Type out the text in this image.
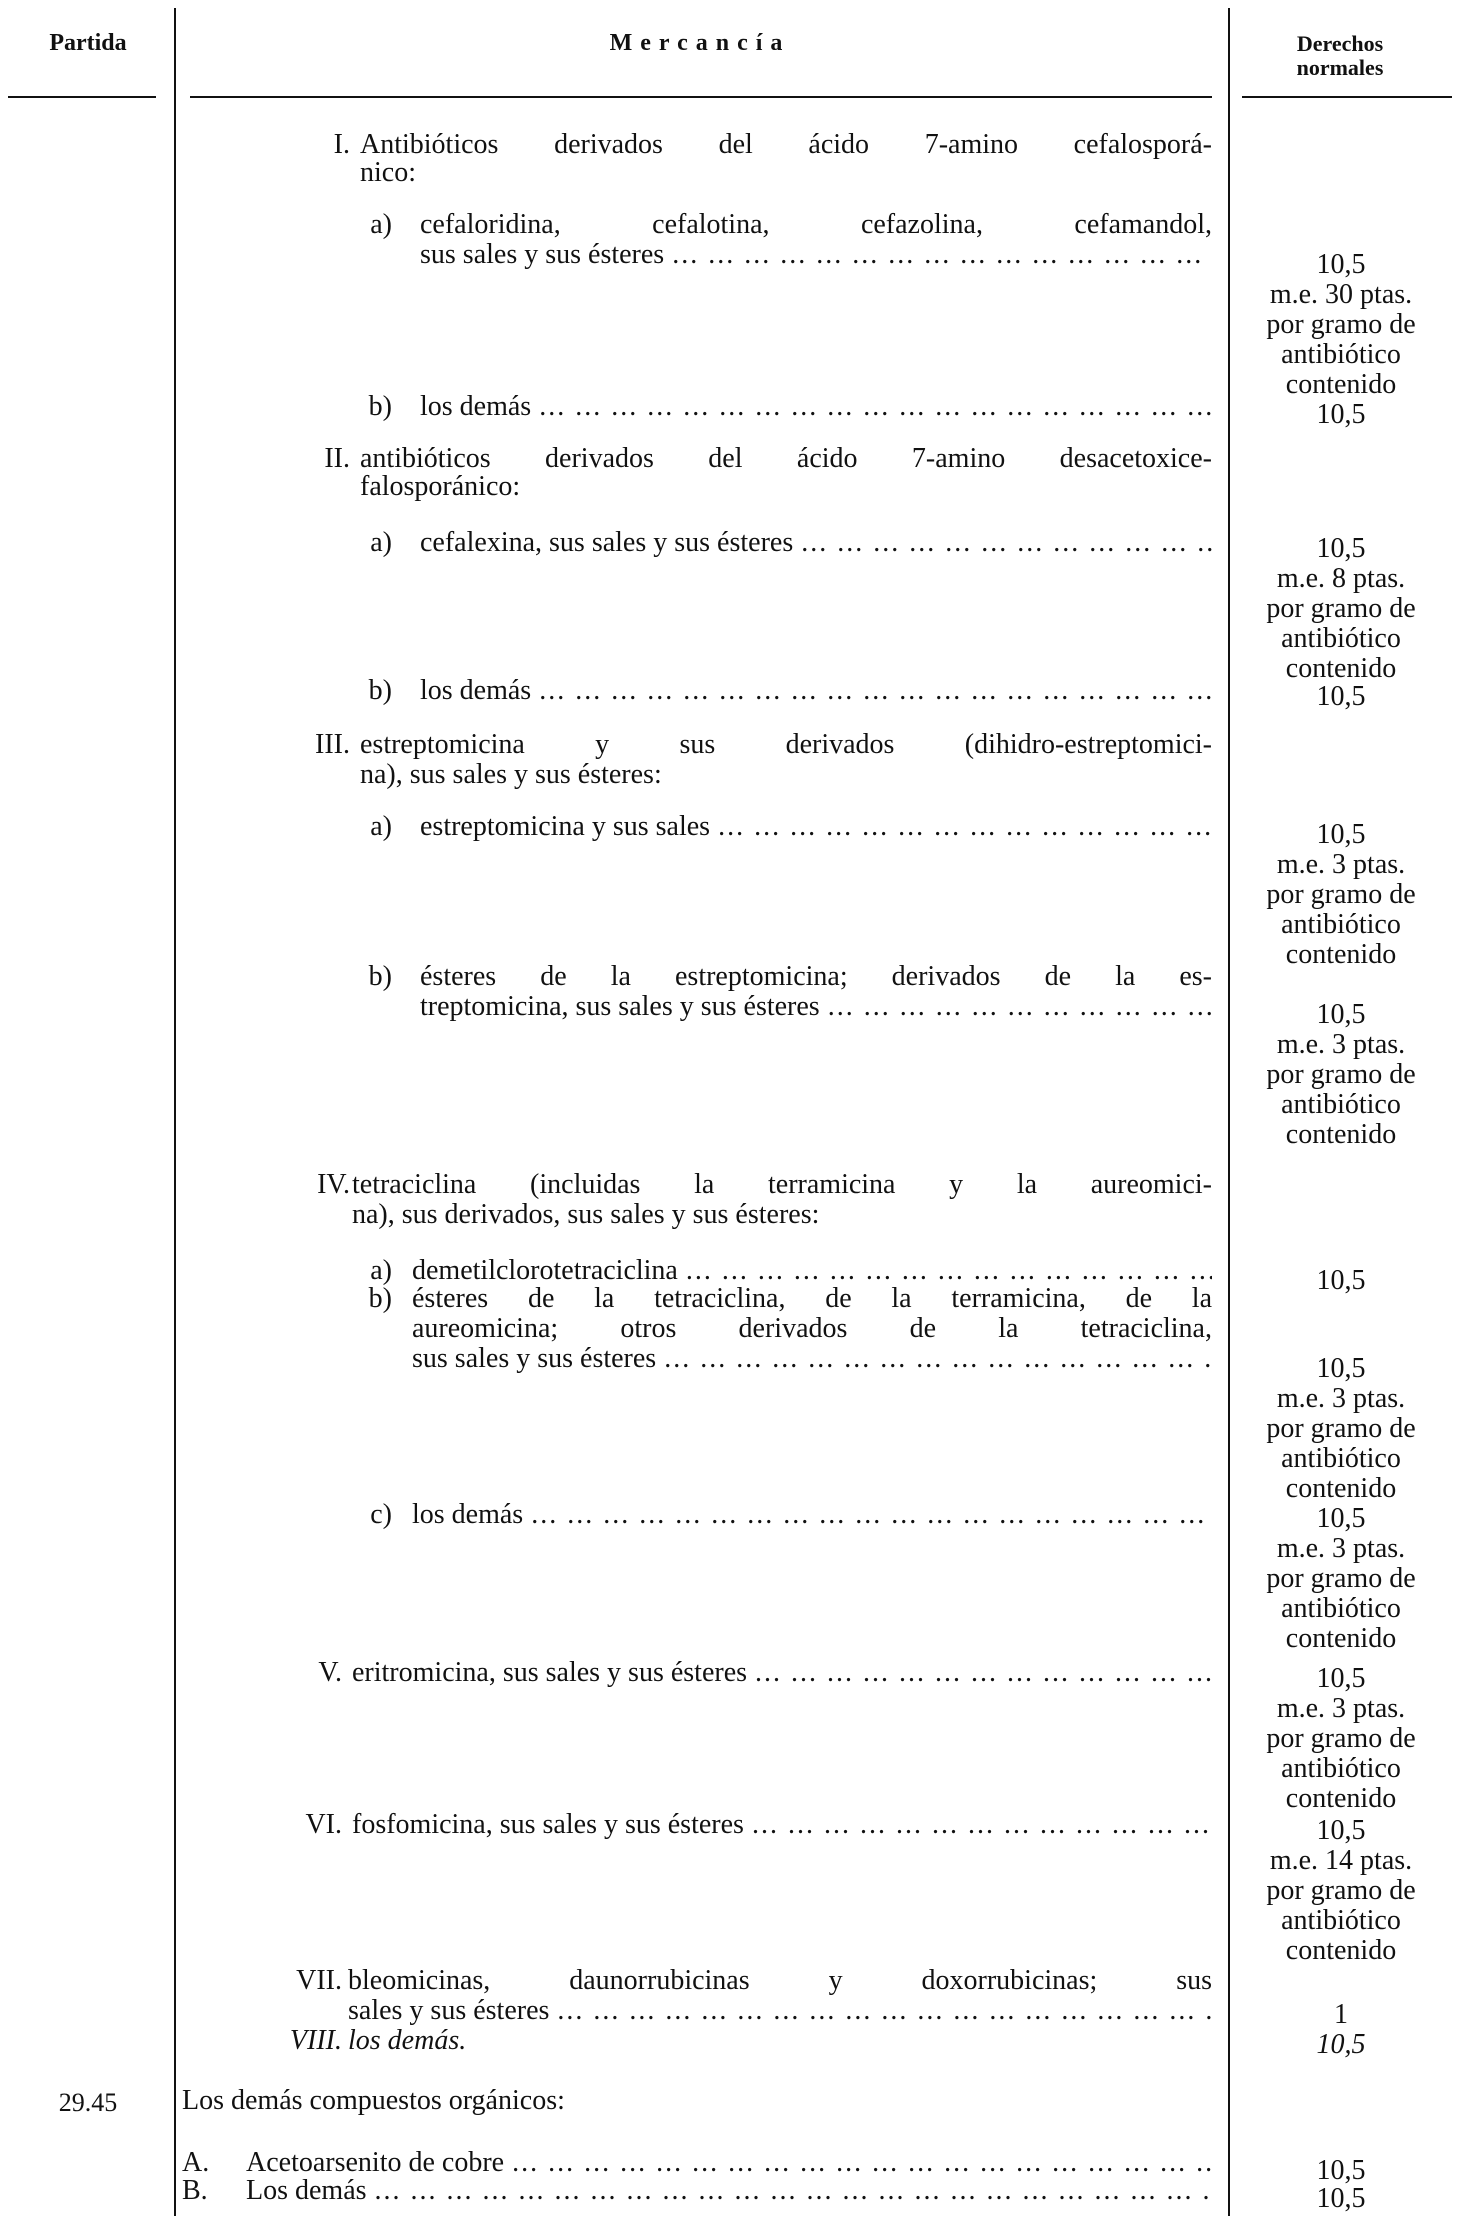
Partida	Mercancía	Derechos
normales
I. Antibióticos derivados del ácido 7-amino cefalosporá-
nico:
a) cefaloridina, cefalotina, cefazolina, cefamandol,
sus sales y sus ésteres ... .	10,5
m.e. 30 ptas.
por gramo de
antibiótico
contenido
b) los demás ... .	10,5
II. antibióticos derivados del ácido 7-amino desacetoxice-
falosporánico:
a) cefalexina, sus sales y sus ésteres ... .	10,5
m.e. 8 ptas.
por gramo de
antibiótico
contenido
b) los demás ... .	10,5
III. estreptomicina y sus derivados (dihidro-estreptomici-
na), sus sales y sus ésteres:
a) estreptomicina y sus sales ... .	10,5
m.e. 3 ptas.
por gramo de
antibiótico
contenido
b) ésteres de la estreptomicina; derivados de la es-
treptomicina, sus sales y sus ésteres ... .	10,5
m.e. 3 ptas.
por gramo de
antibiótico
contenido
IV. tetraciclina (incluidas la terramicina y la aureomici-
na), sus derivados, sus sales y sus ésteres:
a) demetilclorotetraciclina ... .	10,5
b) ésteres de la tetraciclina, de la terramicina, de la
aureomicina; otros derivados de la tetraciclina,
sus sales y sus ésteres ... .	10,5
m.e. 3 ptas.
por gramo de
antibiótico
contenido
c) los demás ... .	10,5
m.e. 3 ptas.
por gramo de
antibiótico
contenido
V. eritromicina, sus sales y sus ésteres ... .	10,5
m.e. 3 ptas.
por gramo de
antibiótico
contenido
VI. fosfomicina, sus sales y sus ésteres ... .	10,5
m.e. 14 ptas.
por gramo de
antibiótico
contenido
VII. bleomicinas, daunorrubicinas y doxorrubicinas; sus
sales y sus ésteres ... .	1
VIII. los demás.	10,5
29.45	Los demás compuestos orgánicos:
A.	Acetoarsenito de cobre ... .	10,5
B.	Los demás ... .	10,5
